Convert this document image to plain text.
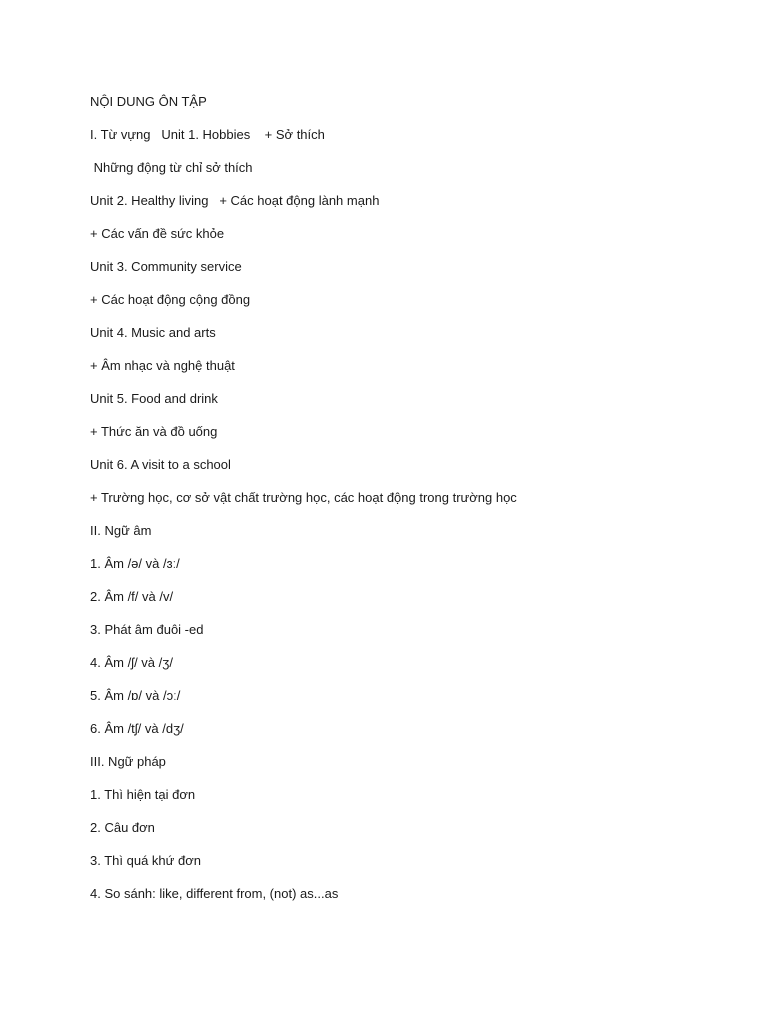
NỘI DUNG ÔN TẬP
I. Từ vựng   Unit 1. Hobbies    + Sở thích
Những động từ chỉ sở thích
Unit 2. Healthy living   + Các hoạt động lành mạnh
+ Các vấn đề sức khỏe
Unit 3. Community service
+ Các hoạt động cộng đồng
Unit 4. Music and arts
+ Âm nhạc và nghệ thuật
Unit 5. Food and drink
+ Thức ăn và đồ uống
Unit 6. A visit to a school
+ Trường học, cơ sở vật chất trường học, các hoạt động trong trường học
II. Ngữ âm
1. Âm /ə/ và /ɜː/
2. Âm /f/ và /v/
3. Phát âm đuôi -ed
4. Âm /ʃ/ và /ʒ/
5. Âm /ɒ/ và /ɔː/
6. Âm /tʃ/ và /dʒ/
III. Ngữ pháp
1. Thì hiện tại đơn
2. Câu đơn
3. Thì quá khứ đơn
4. So sánh: like, different from, (not) as...as
